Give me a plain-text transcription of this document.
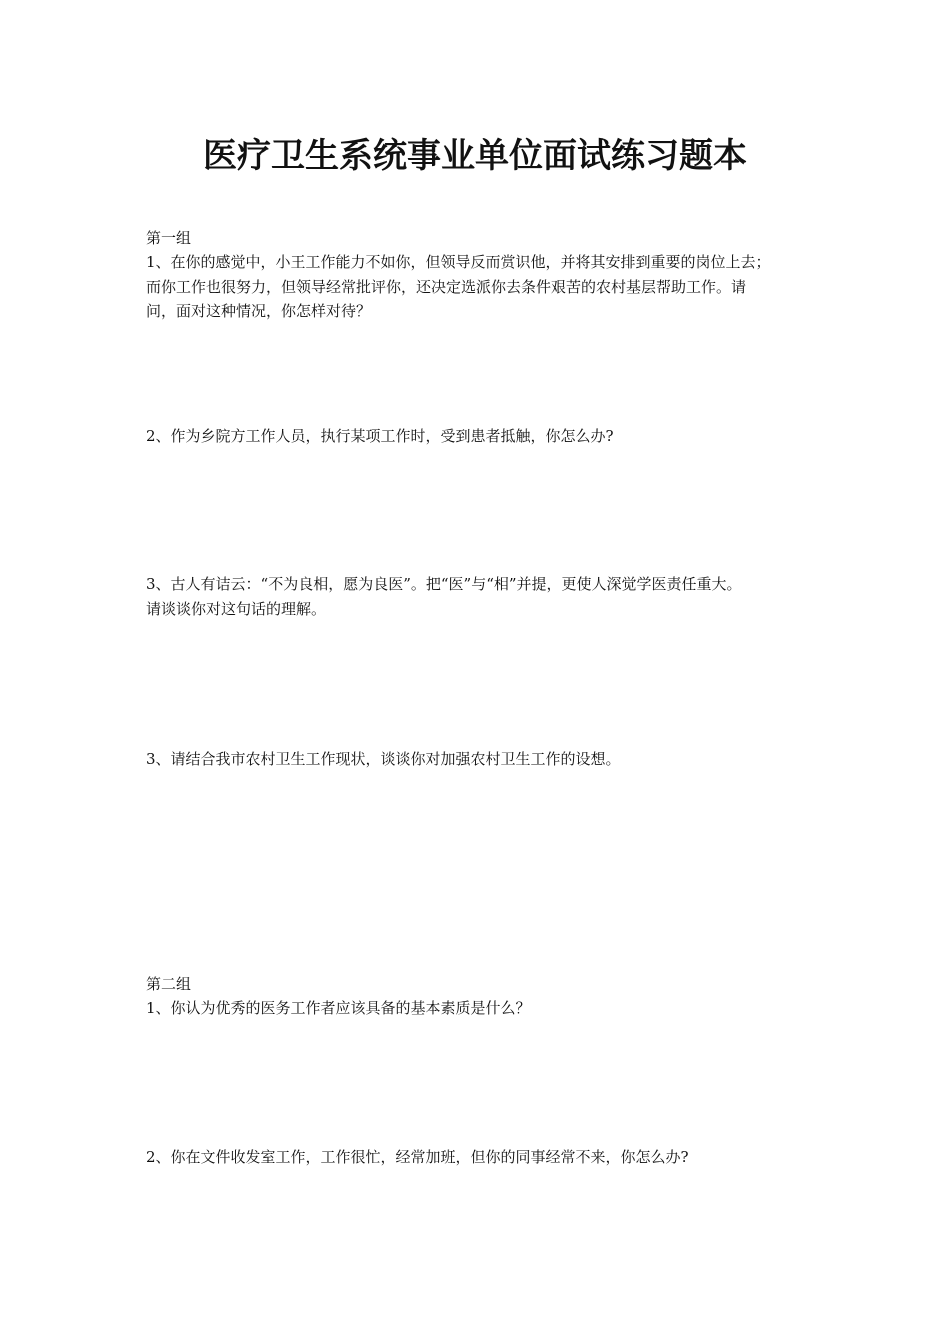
医疗卫生系统事业单位面试练习题本
第一组
1、在你的感觉中，小王工作能力不如你，但领导反而赏识他，并将其安排到重要的岗位上去；
而你工作也很努力，但领导经常批评你，还决定选派你去条件艰苦的农村基层帮助工作。请
问，面对这种情况，你怎样对待？
2、作为乡院方工作人员，执行某项工作时，受到患者抵触，你怎么办?
3、古人有诘云：“不为良相，愿为良医”。把“医”与“相”并提，更使人深觉学医责任重大。
请谈谈你对这句话的理解。
3、请结合我市农村卫生工作现状，谈谈你对加强农村卫生工作的设想。
第二组
1、你认为优秀的医务工作者应该具备的基本素质是什么？
2、你在文件收发室工作，工作很忙，经常加班，但你的同事经常不来，你怎么办?
